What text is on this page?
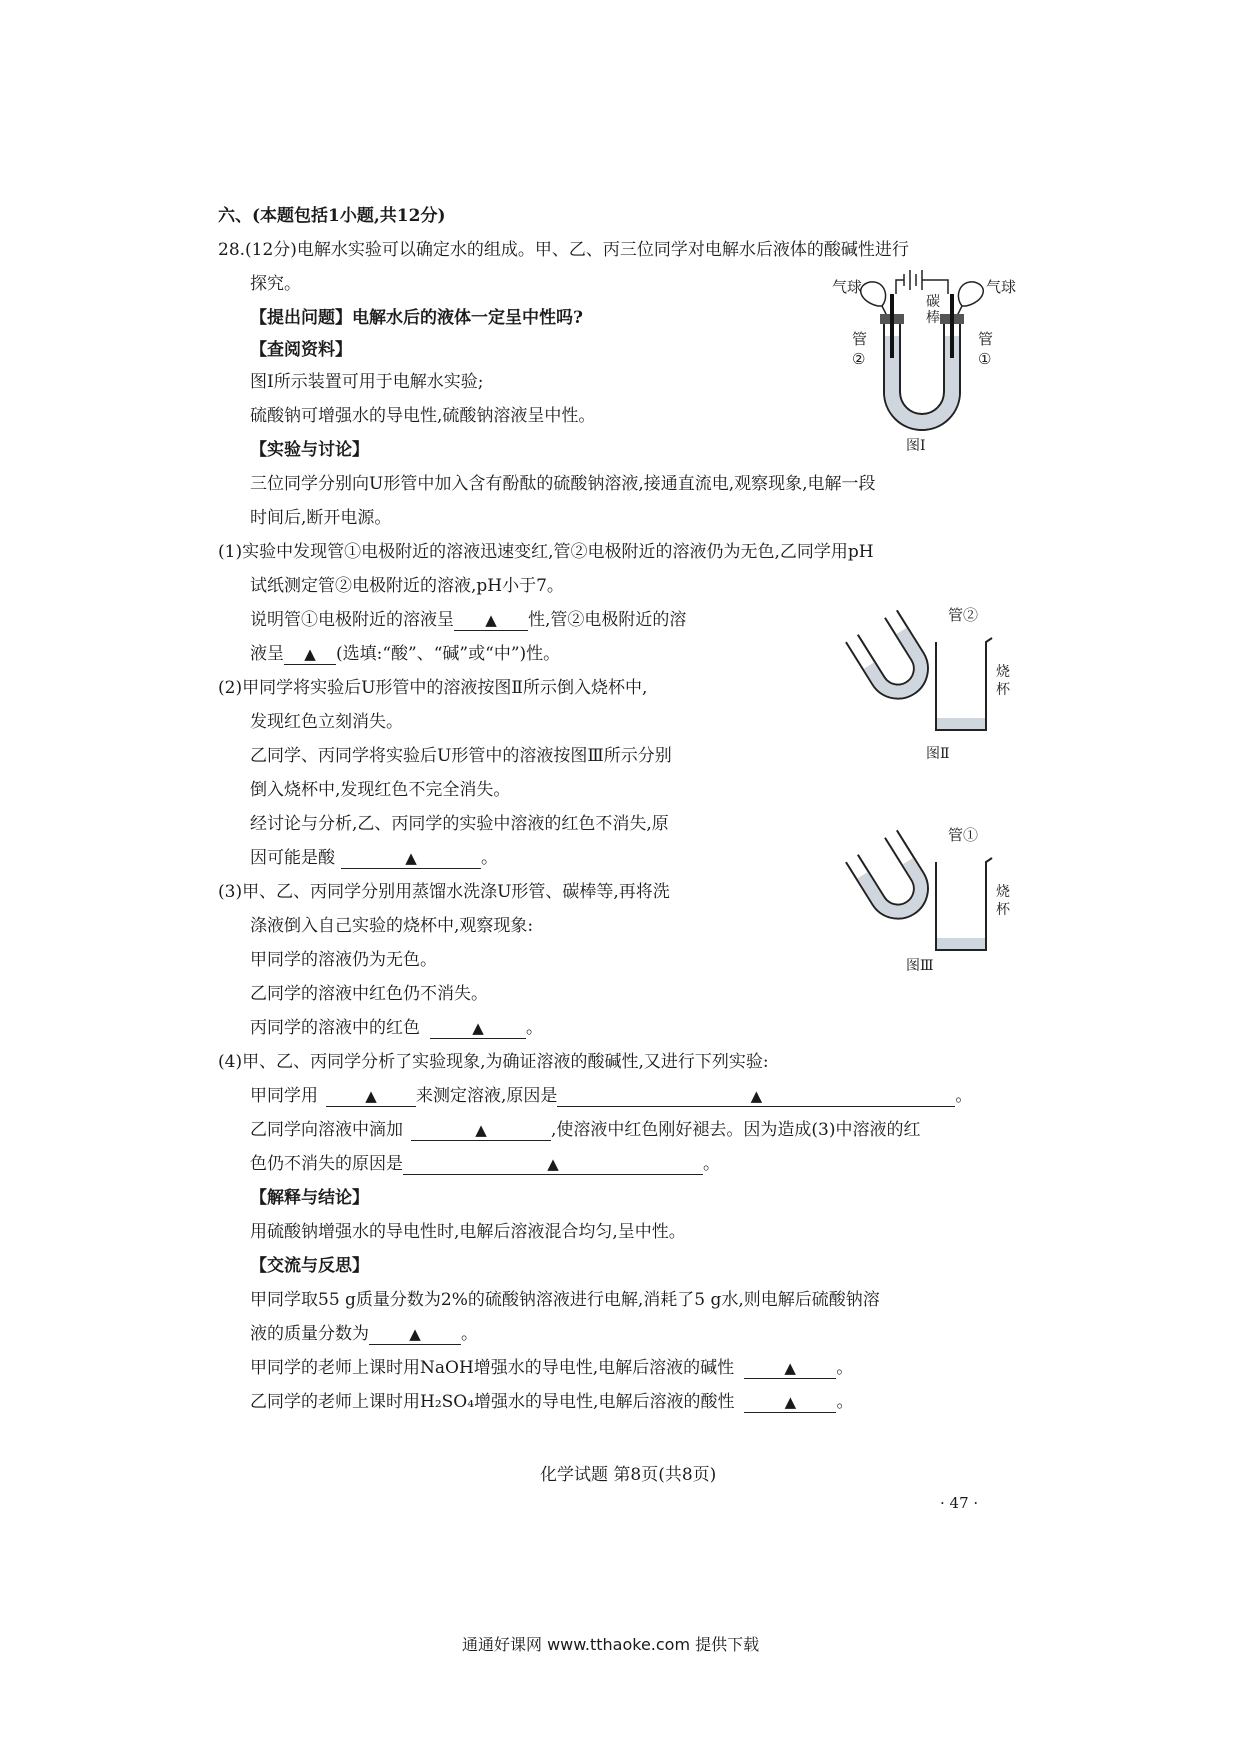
六、(本题包括1小题,共12分)
28.(12分)电解水实验可以确定水的组成。甲、乙、丙三位同学对电解水后液体的酸碱性进行
探究。
【提出问题】电解水后的液体一定呈中性吗?
【查阅资料】
图Ⅰ所示装置可用于电解水实验;
硫酸钠可增强水的导电性,硫酸钠溶液呈中性。
【实验与讨论】
三位同学分别向U形管中加入含有酚酞的硫酸钠溶液,接通直流电,观察现象,电解一段
时间后,断开电源。
(1)实验中发现管①电极附近的溶液迅速变红,管②电极附近的溶液仍为无色,乙同学用pH
试纸测定管②电极附近的溶液,pH小于7。
说明管①电极附近的溶液呈 ▲ 性,管②电极附近的溶
液呈 ▲ (选填:“酸”、“碱”或“中”)性。
(2)甲同学将实验后U形管中的溶液按图Ⅱ所示倒入烧杯中,
发现红色立刻消失。
乙同学、丙同学将实验后U形管中的溶液按图Ⅲ所示分别
倒入烧杯中,发现红色不完全消失。
经讨论与分析,乙、丙同学的实验中溶液的红色不消失,原
因可能是酸	▲	。
(3)甲、乙、丙同学分别用蒸馏水洗涤U形管、碳棒等,再将洗
涤液倒入自己实验的烧杯中,观察现象:
甲同学的溶液仍为无色。
乙同学的溶液中红色仍不消失。
丙同学的溶液中的红色	▲ 。
(4)甲、乙、丙同学分析了实验现象,为确证溶液的酸碱性,又进行下列实验:
甲同学用	▲ 来测定溶液,原因是	▲	。
乙同学向溶液中滴加	▲	,使溶液中红色刚好褪去。因为造成(3)中溶液的红
色仍不消失的原因是	▲	。
【解释与结论】
用硫酸钠增强水的导电性时,电解后溶液混合均匀,呈中性。
【交流与反思】
甲同学取55 g质量分数为2%的硫酸钠溶液进行电解,消耗了5 g水,则电解后硫酸钠溶
液的质量分数为	▲ 。
甲同学的老师上课时用NaOH增强水的导电性,电解后溶液的碱性	▲ 。
乙同学的老师上课时用H₂SO₄增强水的导电性,电解后溶液的酸性	▲ 。
气球	气球
碳
棒
管
②
管
①
图Ⅰ
管②
烧
杯
图Ⅱ
管①
烧
杯
图Ⅲ
化学试题 第8页(共8页)
· 47 ·
通通好课网 www.tthaoke.com 提供下载
